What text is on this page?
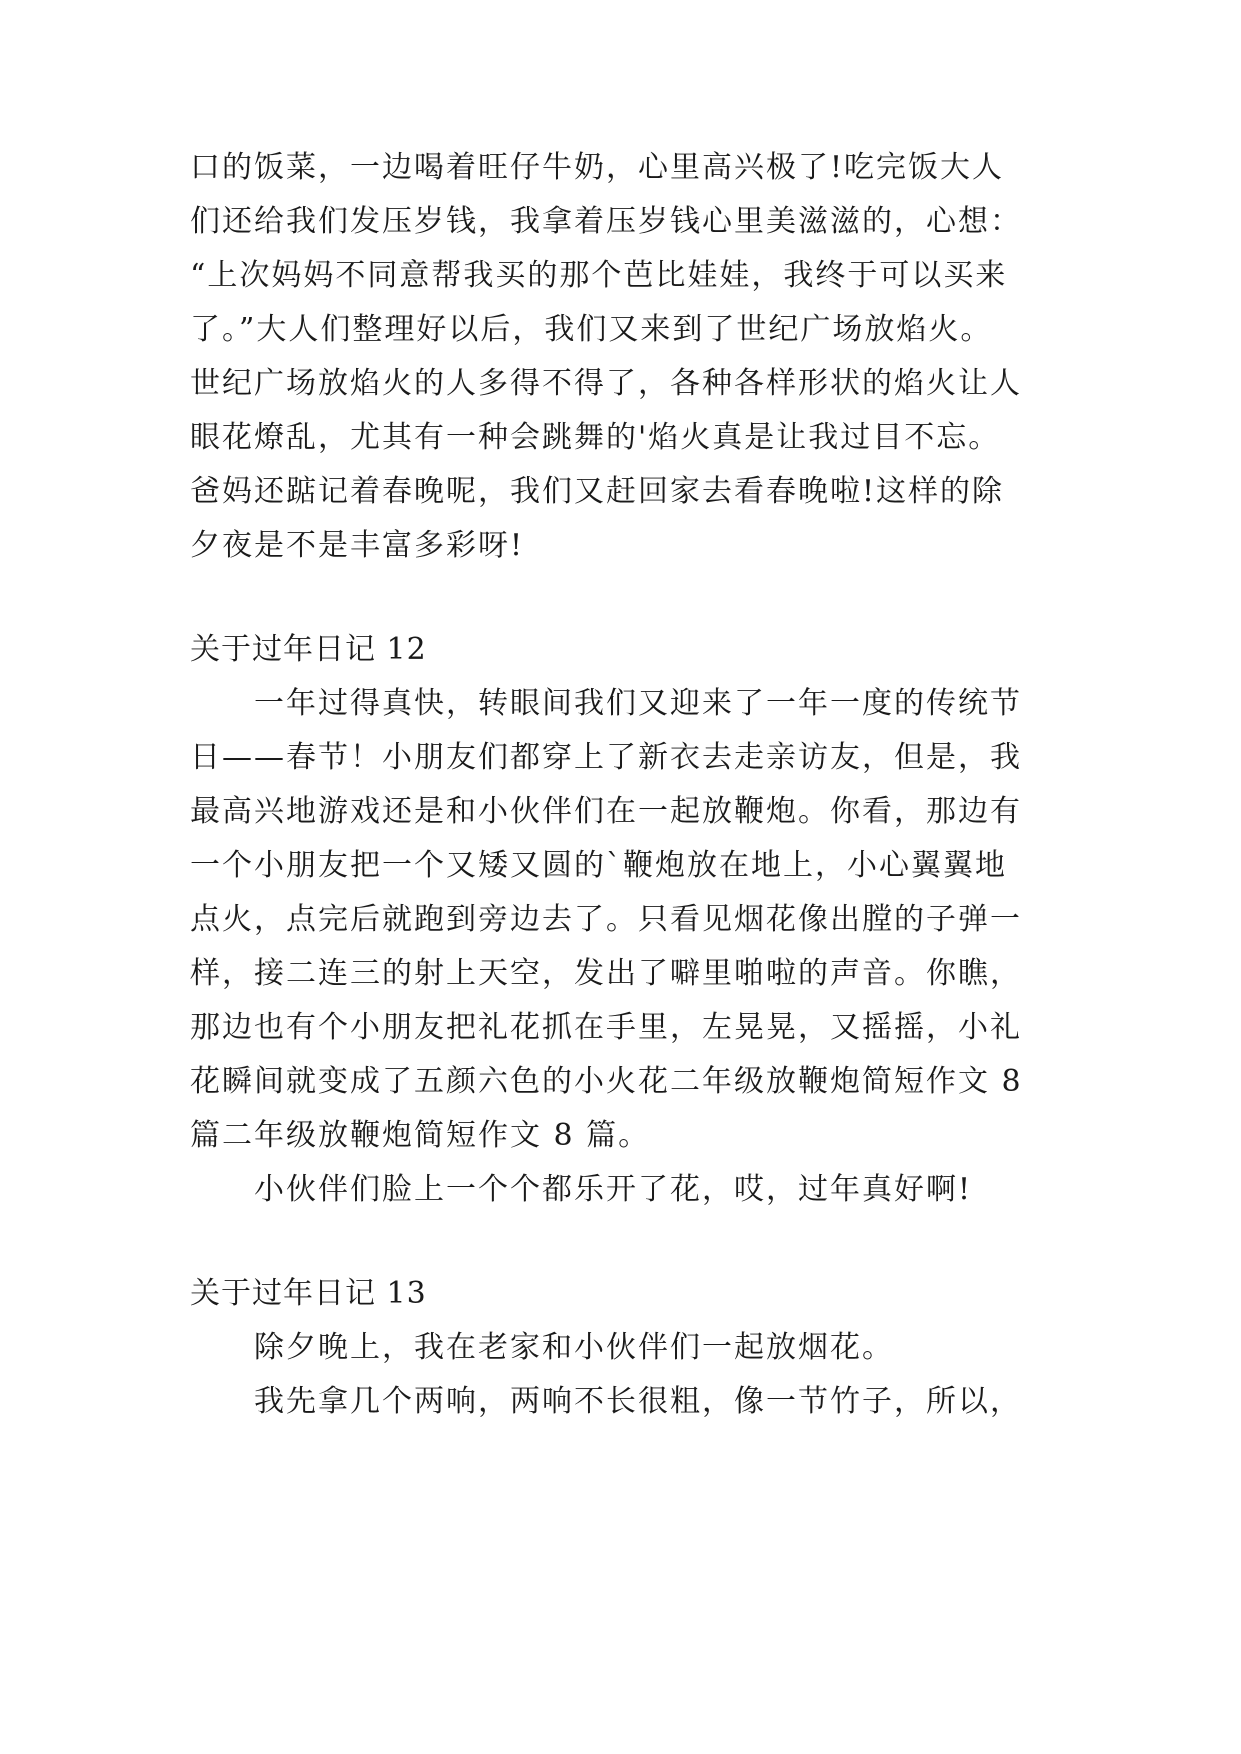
口的饭菜，一边喝着旺仔牛奶，心里高兴极了!吃完饭大人
们还给我们发压岁钱，我拿着压岁钱心里美滋滋的，心想：
“上次妈妈不同意帮我买的那个芭比娃娃，我终于可以买来
了。”大人们整理好以后，我们又来到了世纪广场放焰火。
世纪广场放焰火的人多得不得了，各种各样形状的焰火让人
眼花燎乱，尤其有一种会跳舞的'焰火真是让我过目不忘。
爸妈还踮记着春晚呢，我们又赶回家去看春晚啦!这样的除
夕夜是不是丰富多彩呀!
关于过年日记 12
一年过得真快，转眼间我们又迎来了一年一度的传统节
日——春节！小朋友们都穿上了新衣去走亲访友，但是，我
最高兴地游戏还是和小伙伴们在一起放鞭炮。你看，那边有
一个小朋友把一个又矮又圆的`鞭炮放在地上，小心翼翼地
点火，点完后就跑到旁边去了。只看见烟花像出膛的子弹一
样，接二连三的射上天空，发出了噼里啪啦的声音。你瞧，
那边也有个小朋友把礼花抓在手里，左晃晃，又摇摇，小礼
花瞬间就变成了五颜六色的小火花二年级放鞭炮简短作文 8
篇二年级放鞭炮简短作文 8 篇。
小伙伴们脸上一个个都乐开了花，哎，过年真好啊!
关于过年日记 13
除夕晚上，我在老家和小伙伴们一起放烟花。
我先拿几个两响，两响不长很粗，像一节竹子，所以，
